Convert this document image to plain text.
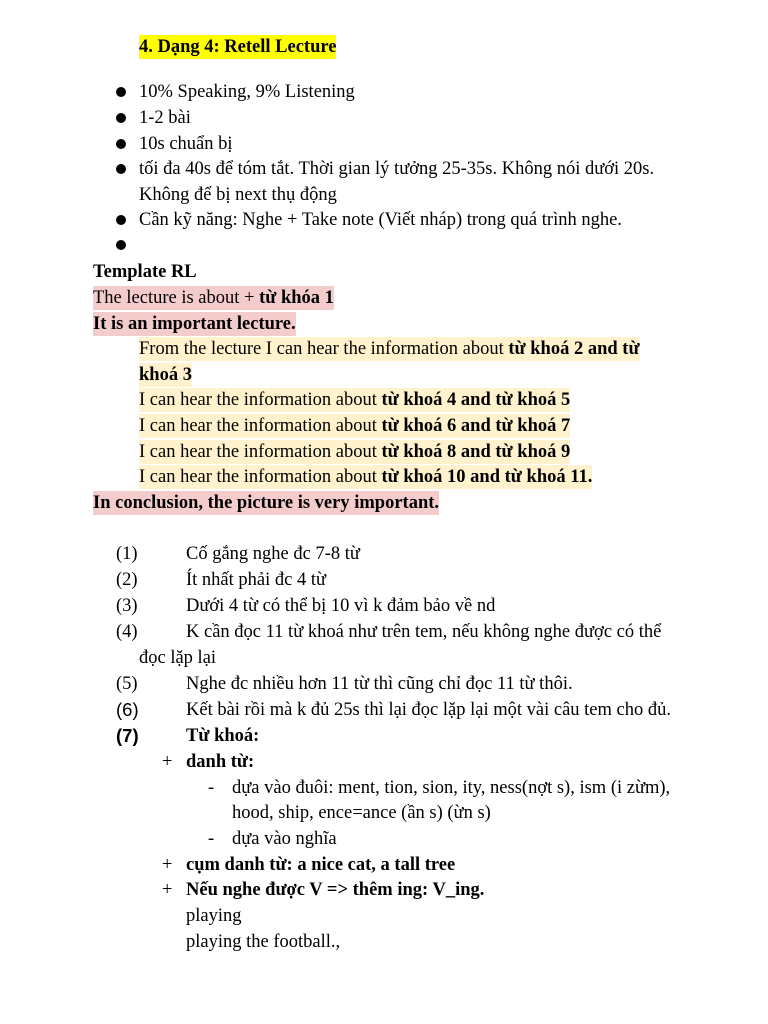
4. Dạng 4: Retell Lecture
10% Speaking, 9% Listening
1-2 bài
10s chuẩn bị
tối đa 40s để tóm tắt. Thời gian lý tưởng 25-35s. Không nói dưới 20s.
Không để bị next thụ động
Cần kỹ năng: Nghe + Take note (Viết nháp) trong quá trình nghe.
Template RL
The lecture is about + từ khóa 1
It is an important lecture.
From the lecture I can hear the information about từ khoá 2 and từ
khoá 3
I can hear the information about từ khoá 4 and từ khoá 5
I can hear the information about từ khoá 6 and từ khoá 7
I can hear the information about từ khoá 8 and từ khoá 9
I can hear the information about từ khoá 10 and từ khoá 11.
In conclusion, the picture is very important.
(1)	Cố gắng nghe đc 7-8 từ
(2)	Ít nhất phải đc 4 từ
(3)	Dưới 4 từ có thể bị 10 vì k đảm bảo về nd
(4)	K cần đọc 11 từ khoá như trên tem, nếu không nghe được có thể
đọc lặp lại
(5)	Nghe đc nhiều hơn 11 từ thì cũng chỉ đọc 11 từ thôi.
(6)	Kết bài rồi mà k đủ 25s thì lại đọc lặp lại một vài câu tem cho đủ.
(7)	Từ khoá:
+ danh từ:
- dựa vào đuôi: ment, tion, sion, ity, ness(nợt s), ism (i zừm),
hood, ship, ence=ance (ần s) (ừn s)
- dựa vào nghĩa
+ cụm danh từ: a nice cat, a tall tree
+ Nếu nghe được V => thêm ing: V_ing.
playing
playing the football.,
